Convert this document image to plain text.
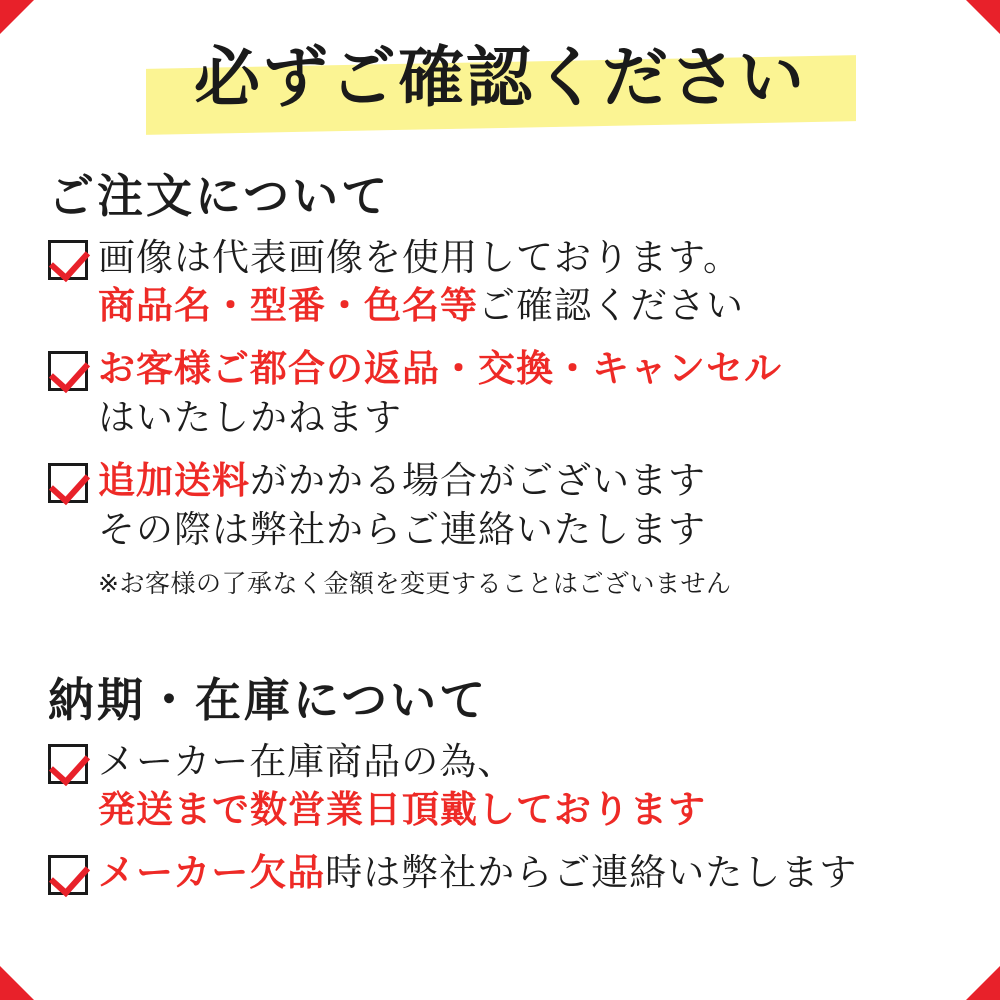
必ずご確認ください
ご注文について
画像は代表画像を使用しております。
商品名・型番・色名等ご確認ください
お客様ご都合の返品・交換・キャンセル
はいたしかねます
追加送料がかかる場合がございます
その際は弊社からご連絡いたします
※お客様の了承なく金額を変更することはございません
納期・在庫について
メーカー在庫商品の為、
発送まで数営業日頂戴しております
メーカー欠品時は弊社からご連絡いたします
